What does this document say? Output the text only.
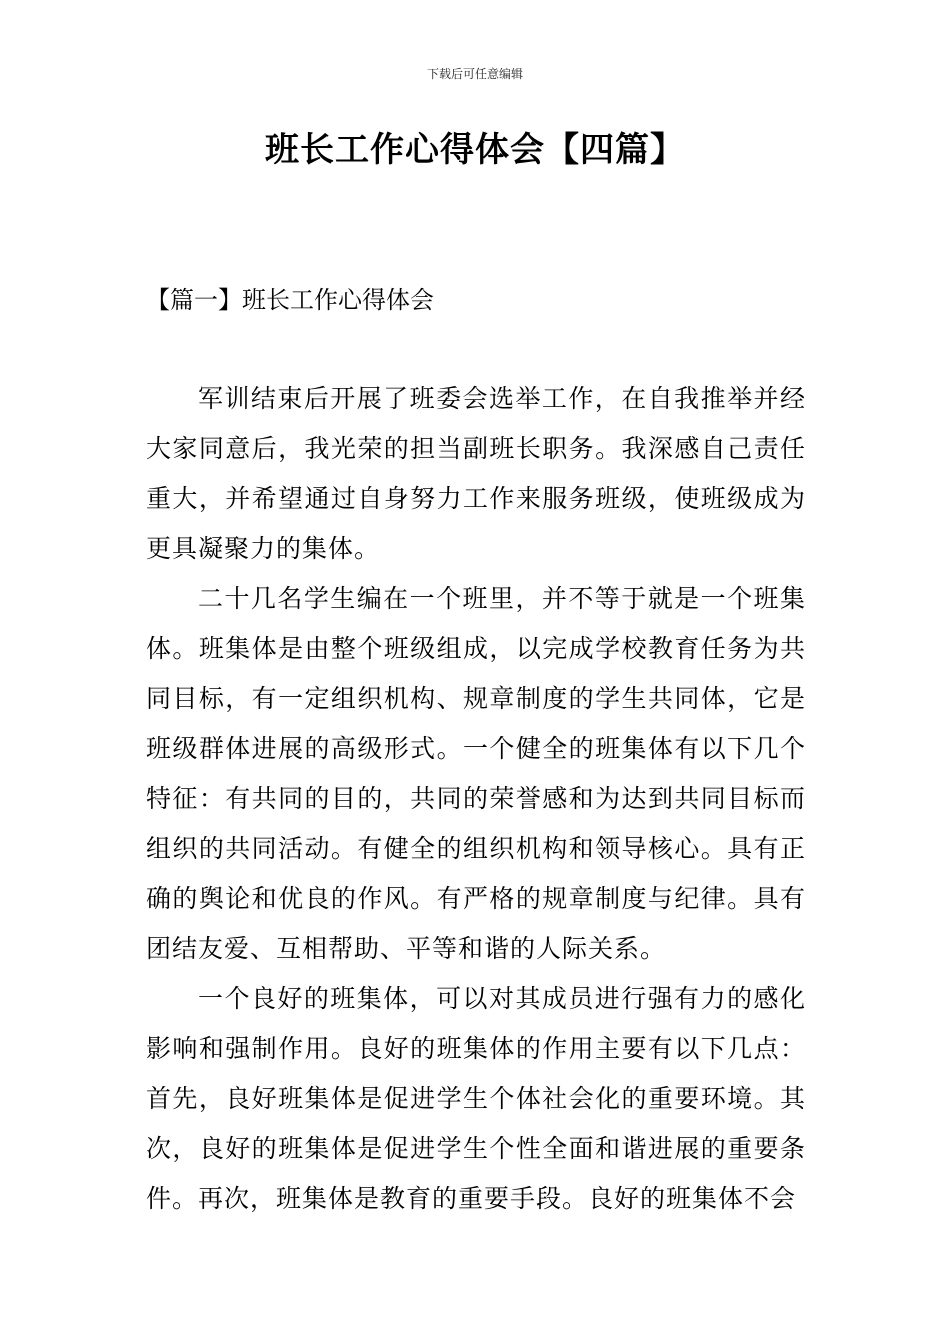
下载后可任意编辑
班长工作心得体会【四篇】
【篇一】班长工作心得体会

军训结束后开展了班委会选举工作，在自我推举并经大家同意后，我光荣的担当副班长职务。我深感自己责任重大，并希望通过自身努力工作来服务班级，使班级成为更具凝聚力的集体。

二十几名学生编在一个班里，并不等于就是一个班集体。班集体是由整个班级组成，以完成学校教育任务为共同目标，有一定组织机构、规章制度的学生共同体，它是班级群体进展的高级形式。一个健全的班集体有以下几个特征：有共同的目的，共同的荣誉感和为达到共同目标而组织的共同活动。有健全的组织机构和领导核心。具有正确的舆论和优良的作风。有严格的规章制度与纪律。具有团结友爱、互相帮助、平等和谐的人际关系。

一个良好的班集体，可以对其成员进行强有力的感化影响和强制作用。良好的班集体的作用主要有以下几点：首先，良好班集体是促进学生个体社会化的重要环境。其次，良好的班集体是促进学生个性全面和谐进展的重要条件。再次，班集体是教育的重要手段。良好的班集体不会
